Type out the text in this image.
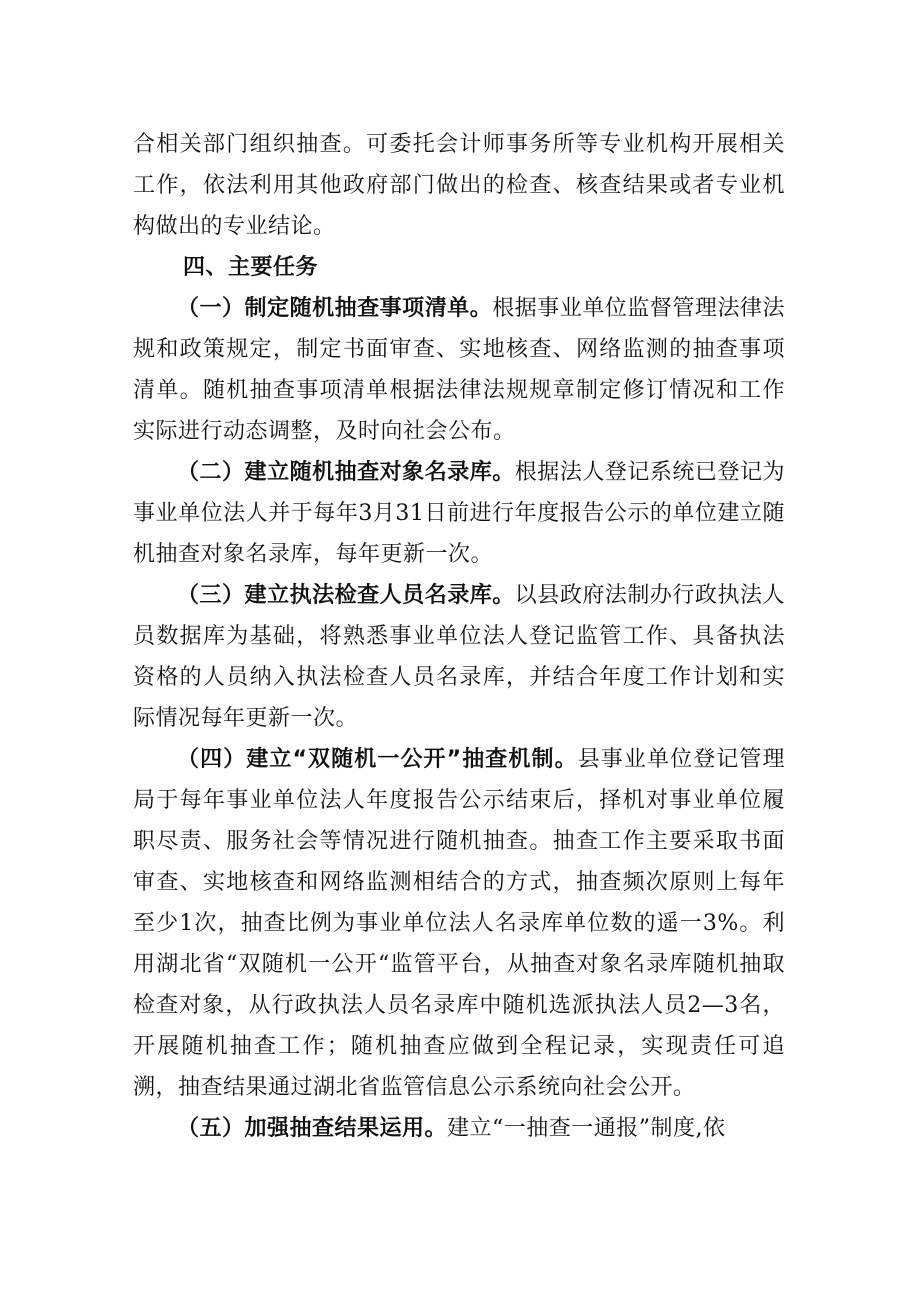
合相关部门组织抽查。可委托会计师事务所等专业机构开展相关工作，依法利用其他政府部门做出的检查、核查结果或者专业机构做出的专业结论。

四、主要任务

（一）制定随机抽查事项清单。根据事业单位监督管理法律法规和政策规定，制定书面审查、实地核查、网络监测的抽查事项清单。随机抽查事项清单根据法律法规规章制定修订情况和工作实际进行动态调整，及时向社会公布。

（二）建立随机抽查对象名录库。根据法人登记系统已登记为事业单位法人并于每年3月31日前进行年度报告公示的单位建立随机抽查对象名录库，每年更新一次。

（三）建立执法检查人员名录库。以县政府法制办行政执法人员数据库为基础，将熟悉事业单位法人登记监管工作、具备执法资格的人员纳入执法检查人员名录库，并结合年度工作计划和实际情况每年更新一次。

（四）建立“双随机一公开”抽查机制。县事业单位登记管理局于每年事业单位法人年度报告公示结束后，择机对事业单位履职尽责、服务社会等情况进行随机抽查。抽查工作主要采取书面审查、实地核查和网络监测相结合的方式，抽查频次原则上每年至少1次，抽查比例为事业单位法人名录库单位数的遥一3%。利用湖北省“双随机一公开“监管平台，从抽查对象名录库随机抽取检查对象，从行政执法人员名录库中随机选派执法人员2—3名，开展随机抽查工作；随机抽查应做到全程记录，实现责任可追溯，抽查结果通过湖北省监管信息公示系统向社会公开。

（五）加强抽查结果运用。建立“一抽查一通报”制度,依
